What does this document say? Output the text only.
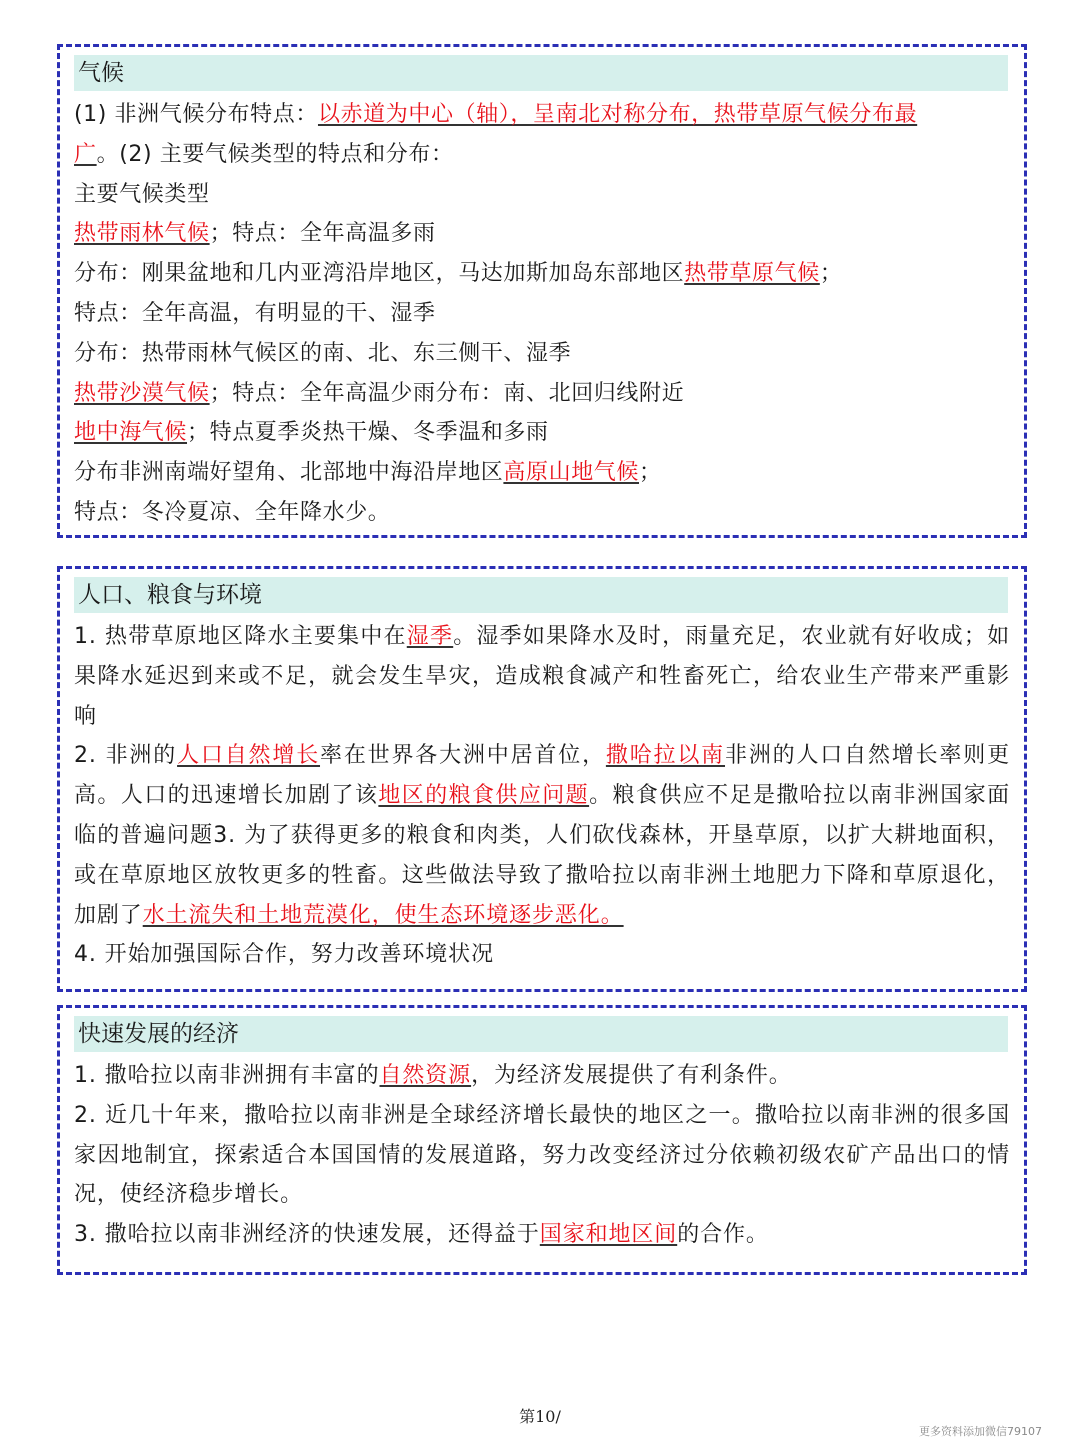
气候
(1) 非洲气候分布特点：以赤道为中心（轴），呈南北对称分布，热带草原气候分布最
广。(2) 主要气候类型的特点和分布：
主要气候类型
热带雨林气候；特点：全年高温多雨
分布：刚果盆地和几内亚湾沿岸地区，马达加斯加岛东部地区热带草原气候；
特点：全年高温，有明显的干、湿季
分布：热带雨林气候区的南、北、东三侧干、湿季
热带沙漠气候；特点：全年高温少雨分布：南、北回归线附近
地中海气候；特点夏季炎热干燥、冬季温和多雨
分布非洲南端好望角、北部地中海沿岸地区高原山地气候；
特点：冬冷夏凉、全年降水少。
人口、粮食与环境
1. 热带草原地区降水主要集中在湿季。湿季如果降水及时，雨量充足，农业就有好收成；如果降水延迟到来或不足，就会发生旱灾，造成粮食减产和牲畜死亡，给农业生产带来严重影响
2. 非洲的人口自然增长率在世界各大洲中居首位，撒哈拉以南非洲的人口自然增长率则更高。人口的迅速增长加剧了该地区的粮食供应问题。粮食供应不足是撒哈拉以南非洲国家面临的普遍问题3. 为了获得更多的粮食和肉类，人们砍伐森林，开垦草原，以扩大耕地面积，或在草原地区放牧更多的牲畜。这些做法导致了撒哈拉以南非洲土地肥力下降和草原退化，加剧了水土流失和土地荒漠化，使生态环境逐步恶化。
4. 开始加强国际合作，努力改善环境状况
快速发展的经济
1. 撒哈拉以南非洲拥有丰富的自然资源，为经济发展提供了有利条件。
2. 近几十年来，撒哈拉以南非洲是全球经济增长最快的地区之一。撒哈拉以南非洲的很多国家因地制宜，探索适合本国国情的发展道路，努力改变经济过分依赖初级农矿产品出口的情况，使经济稳步增长。
3. 撒哈拉以南非洲经济的快速发展，还得益于国家和地区间的合作。
第10/
更多资料添加微信79107
